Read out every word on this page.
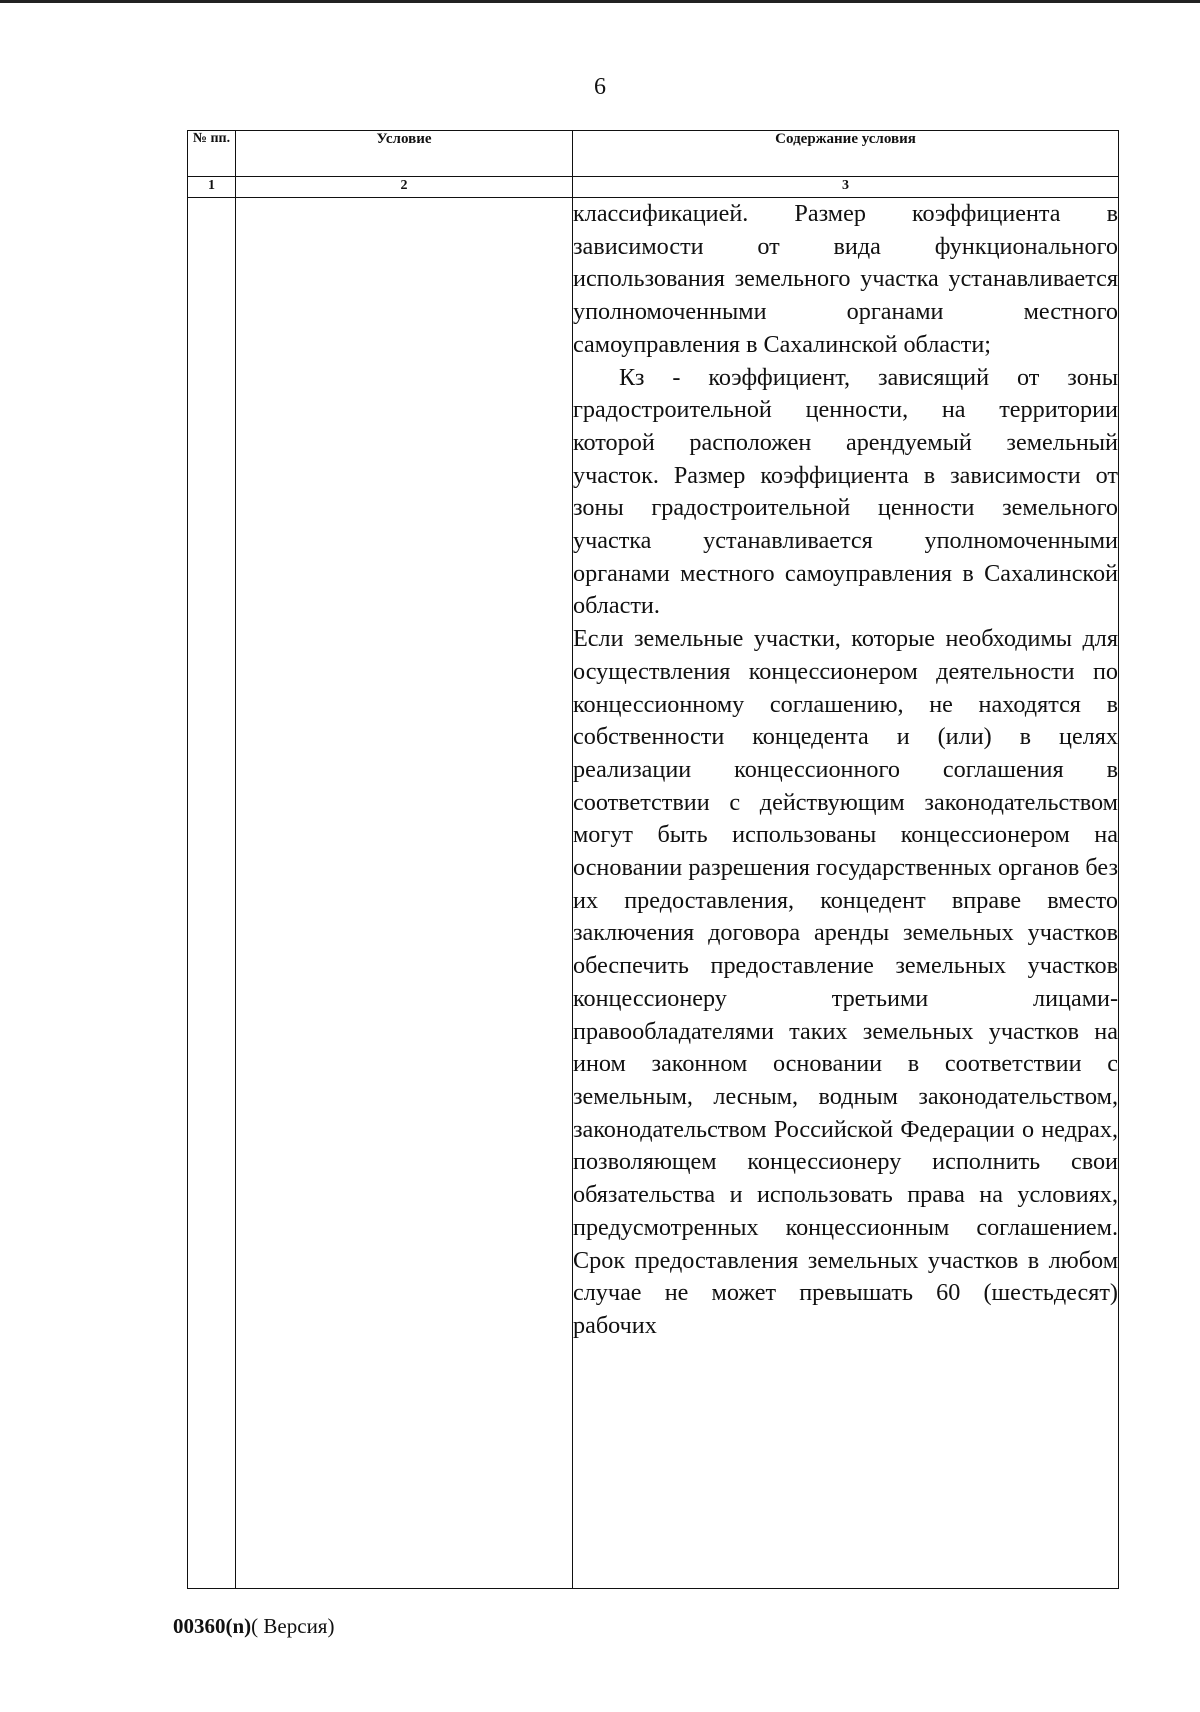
6
№ пп.	Условие	Содержание условия
1	2	3

		классификацией. Размер коэффициента в зависимости от вида функционального использования земельного участка устанавливается уполномоченными органами местного самоуправления в Сахалинской области;

Кз - коэффициент, зависящий от зоны градостроительной ценности, на территории которой расположен арендуемый земельный участок. Размер коэффициента в зависимости от зоны градостроительной ценности земельного участка устанавливается уполномоченными органами местного самоуправления в Сахалинской области.

Если земельные участки, которые необходимы для осуществления концессионером деятельности по концессионному соглашению, не находятся в собственности концедента и (или) в целях реализации концессионного соглашения в соответствии с действующим законодательством могут быть использованы концессионером на основании разрешения государственных органов без их предоставления, концедент вправе вместо заключения договора аренды земельных участков обеспечить предоставление земельных участков концессионеру третьими лицами-правообладателями таких земельных участков на ином законном основании в соответствии с земельным, лесным, водным законодательством, законодательством Российской Федерации о недрах, позволяющем концессионеру исполнить свои обязательства и использовать права на условиях, предусмотренных концессионным соглашением. Срок предоставления земельных участков в любом случае не может превышать 60 (шестьдесят) рабочих

00360(n)( Версия)
